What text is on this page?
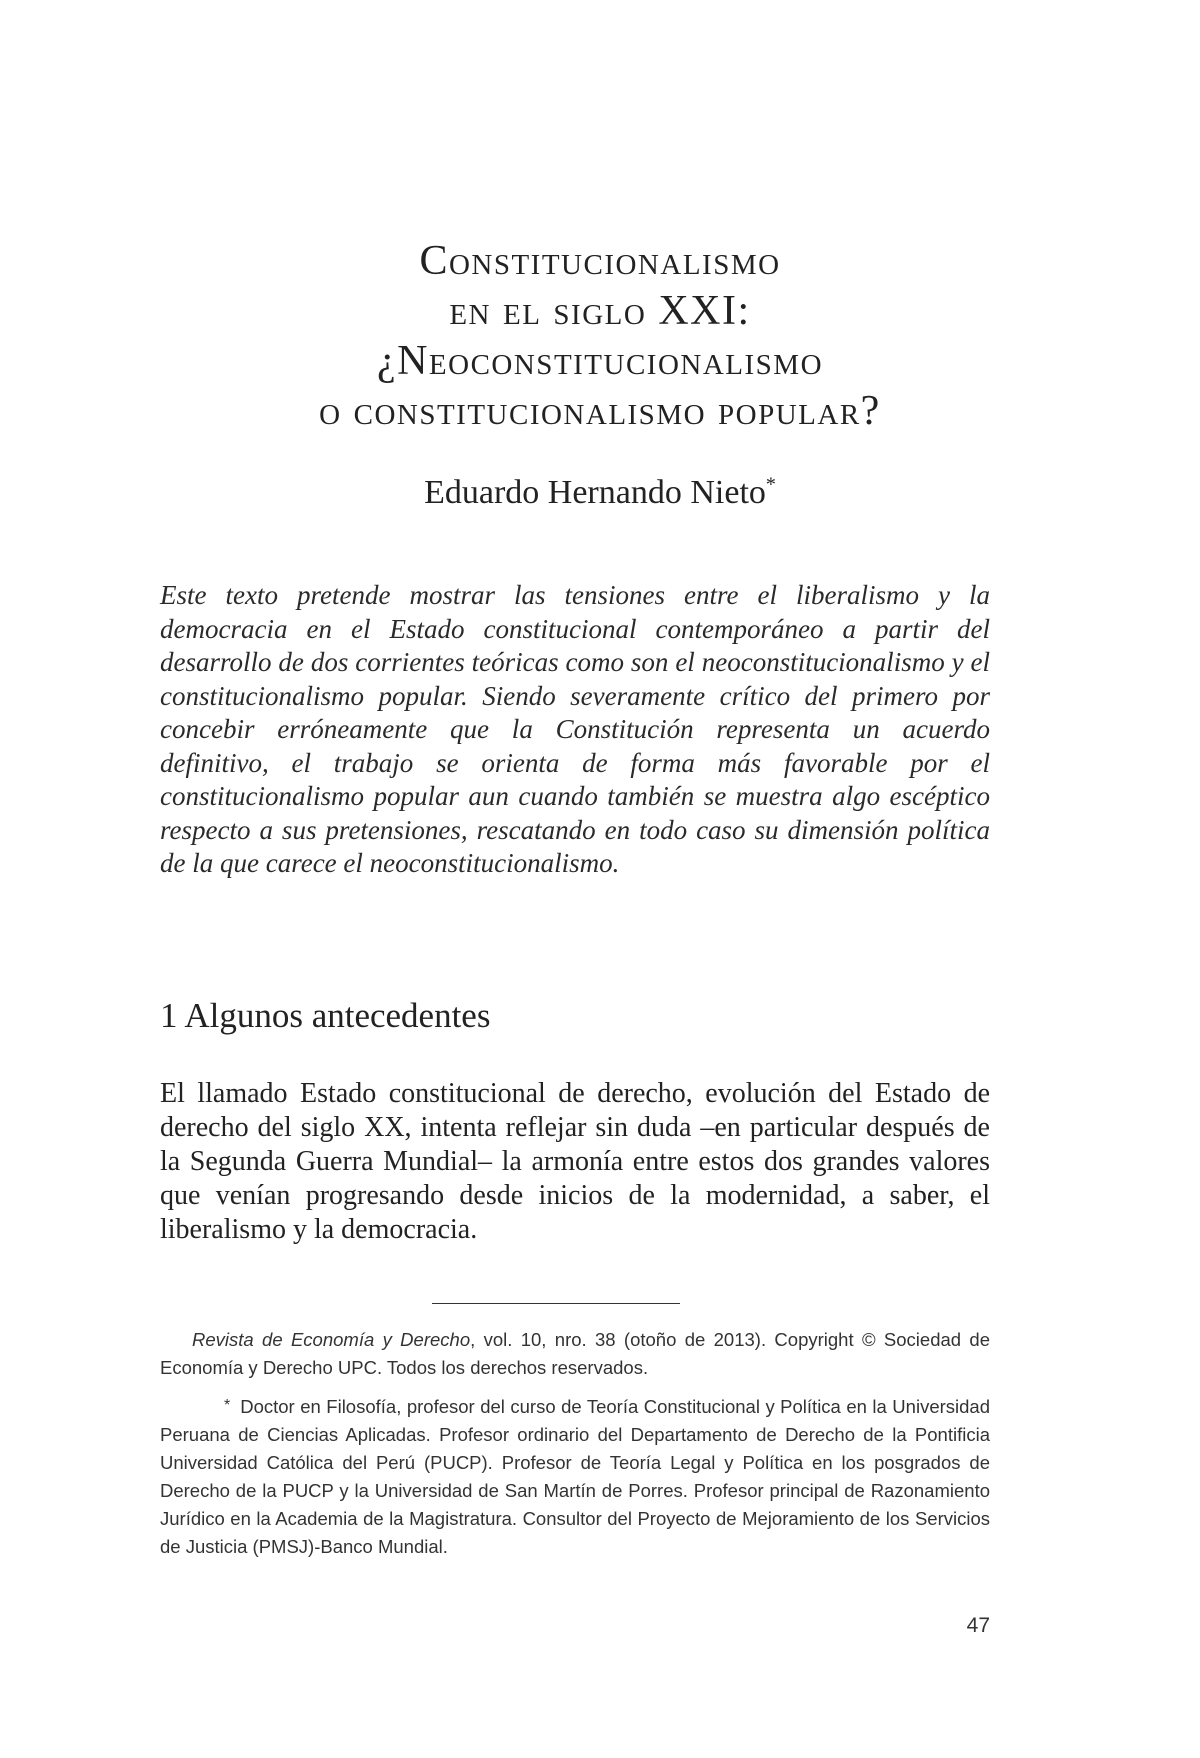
Constitucionalismo
en el siglo XXI:
¿Neoconstitucionalismo
o constitucionalismo popular?
Eduardo Hernando Nieto*

Este texto pretende mostrar las tensiones entre el liberalismo y la democracia en el Estado constitucional contemporáneo a partir del desarrollo de dos corrientes teóricas como son el neoconstitucionalismo y el constitucionalismo popular. Siendo severamente crítico del primero por concebir erróneamente que la Constitución representa un acuerdo definitivo, el trabajo se orienta de forma más favorable por el constitucionalismo popular aun cuando también se muestra algo escéptico respecto a sus pretensiones, rescatando en todo caso su dimensión política de la que carece el neoconstitucionalismo.

1 Algunos antecedentes

El llamado Estado constitucional de derecho, evolución del Estado de derecho del siglo XX, intenta reflejar sin duda –en particular después de la Segunda Guerra Mundial– la armonía entre estos dos grandes valores que venían progresando desde inicios de la modernidad, a saber, el liberalismo y la democracia.

Revista de Economía y Derecho, vol. 10, nro. 38 (otoño de 2013). Copyright © Sociedad de Economía y Derecho UPC. Todos los derechos reservados.

* Doctor en Filosofía, profesor del curso de Teoría Constitucional y Política en la Universidad Peruana de Ciencias Aplicadas. Profesor ordinario del Departamento de Derecho de la Pontificia Universidad Católica del Perú (PUCP). Profesor de Teoría Legal y Política en los posgrados de Derecho de la PUCP y la Universidad de San Martín de Porres. Profesor principal de Razonamiento Jurídico en la Academia de la Magistratura. Consultor del Proyecto de Mejoramiento de los Servicios de Justicia (PMSJ)-Banco Mundial.

47
